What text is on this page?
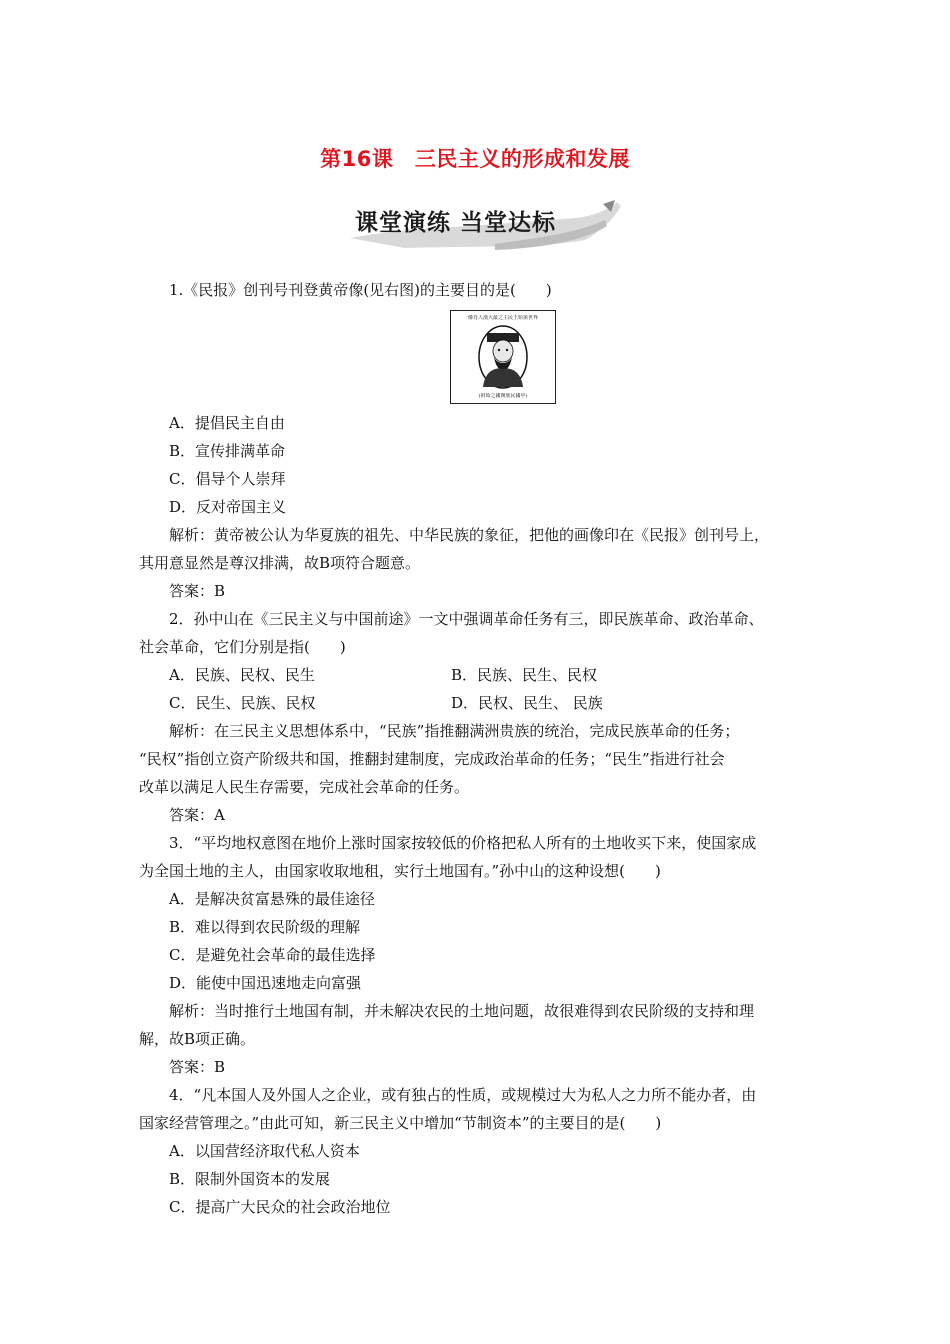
第16课　三民主义的形成和发展
课堂演练 当堂达标
1.《民报》创刊号刊登黄帝像(见右图)的主要目的是(　　)
A．提倡民主自由
B．宣传排满革命
C．倡导个人崇拜
D．反对帝国主义
解析：黄帝被公认为华夏族的祖先、中华民族的象征，把他的画像印在《民报》创刊号上，
其用意显然是尊汉排满，故B项符合题意。
答案：B
2．孙中山在《三民主义与中国前途》一文中强调革命任务有三，即民族革命、政治革命、
社会革命，它们分别是指(　　)
A．民族、民权、民生	B．民族、民生、民权
C．民生、民族、民权	D．民权、民生、 民族
解析：在三民主义思想体系中，“民族”指推翻满洲贵族的统治，完成民族革命的任务；
“民权”指创立资产阶级共和国，推翻封建制度，完成政治革命的任务；“民生”指进行社会
改革以满足人民生存需要，完成社会革命的任务。
答案：A
3．“平均地权意图在地价上涨时国家按较低的价格把私人所有的土地收买下来，使国家成
为全国土地的主人，由国家收取地租，实行土地国有。”孙中山的这种设想(　　)
A．是解决贫富悬殊的最佳途径
B．难以得到农民阶级的理解
C．是避免社会革命的最佳选择
D．能使中国迅速地走向富强
解析：当时推行土地国有制，并未解决农民的土地问题，故很难得到农民阶级的支持和理
解，故B项正确。
答案：B
4．“凡本国人及外国人之企业，或有独占的性质，或规模过大为私人之力所不能办者，由
国家经营管理之。”由此可知，新三民主义中增加“节制资本”的主要目的是(　　)
A．以国营经济取代私人资本
B．限制外国资本的发展
C．提高广大民众的社会政治地位
像肖人漢大最之主民王始第世界
(祖始之國開族民國中)
